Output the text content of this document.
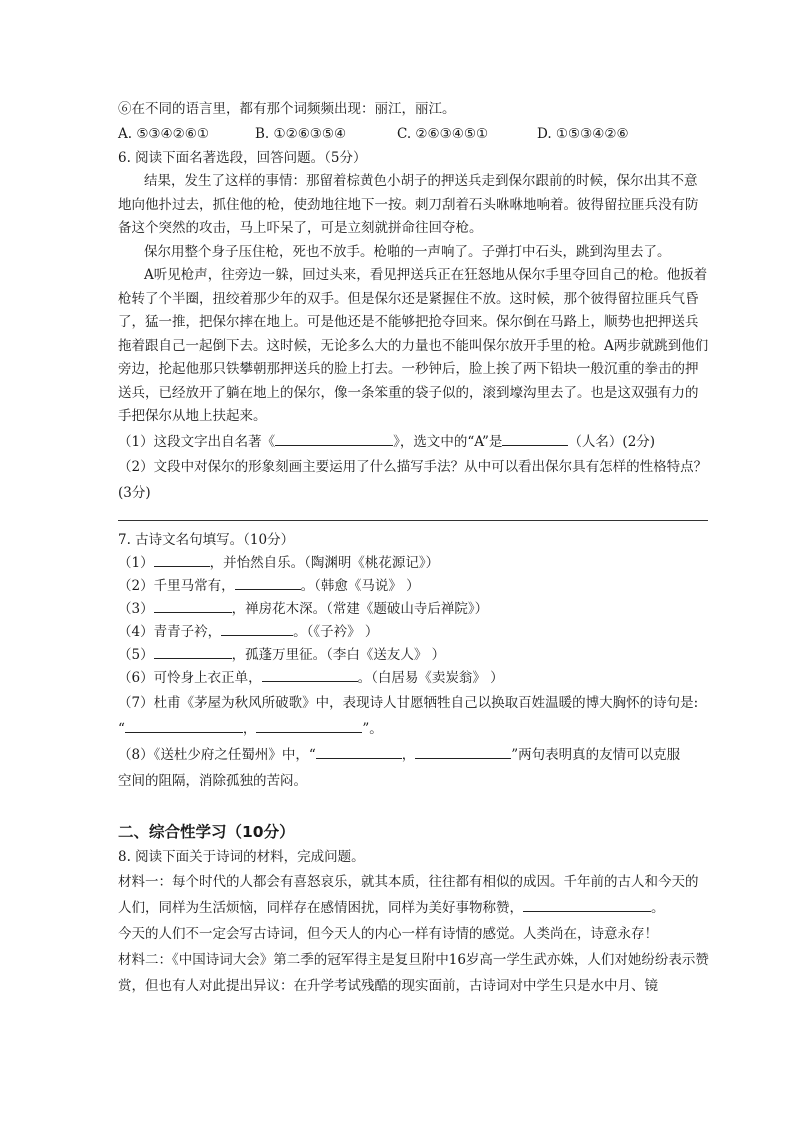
⑥在不同的语言里，都有那个词频频出现：丽江，丽江。
A. ⑤③④②⑥①	B. ①②⑥③⑤④	C. ②⑥③④⑤①	D. ①⑤③④②⑥
6. 阅读下面名著选段，回答问题。（5分）
结果，发生了这样的事情：那留着棕黄色小胡子的押送兵走到保尔跟前的时候，保尔出其不意地向他扑过去，抓住他的枪，使劲地往地下一按。刺刀刮着石头咻咻地响着。彼得留拉匪兵没有防备这个突然的攻击，马上吓呆了，可是立刻就拼命往回夺枪。
保尔用整个身子压住枪，死也不放手。枪啪的一声响了。子弹打中石头，跳到沟里去了。
A听见枪声，往旁边一躲，回过头来，看见押送兵正在狂怒地从保尔手里夺回自己的枪。他扳着枪转了个半圈，扭绞着那少年的双手。但是保尔还是紧握住不放。这时候，那个彼得留拉匪兵气昏了，猛一推，把保尔摔在地上。可是他还是不能够把抢夺回来。保尔倒在马路上，顺势也把押送兵拖着跟自己一起倒下去。这时候，无论多么大的力量也不能叫保尔放开手里的枪。A两步就跳到他们旁边，抡起他那只铁攀朝那押送兵的脸上打去。一秒钟后，脸上挨了两下铅块一般沉重的拳击的押送兵，已经放开了躺在地上的保尔，像一条笨重的袋子似的，滚到壕沟里去了。也是这双强有力的手把保尔从地上扶起来。
（1）这段文字出自名著《	》，选文中的“A”是	（人名）(2分)
（2）文段中对保尔的形象刻画主要运用了什么描写手法？从中可以看出保尔具有怎样的性格特点？(3分)
7. 古诗文名句填写。（10分）
（1）	，并怡然自乐。（陶渊明《桃花源记》）
（2）千里马常有，	。（韩愈《马说》 ）
（3）	，禅房花木深。（常建《题破山寺后禅院》）
（4）青青子衿，	。（《子衿》 ）
（5）	，孤蓬万里征。（李白《送友人》 ）
（6）可怜身上衣正单，	。（白居易《卖炭翁》 ）
（7）杜甫《茅屋为秋风所破歌》中，表现诗人甘愿牺牲自己以换取百姓温暖的博大胸怀的诗句是:
“	，	”。
（8）《送杜少府之任蜀州》中，“	，	”两句表明真的友情可以克服
空间的阻隔，消除孤独的苦闷。
二、综合性学习（10分）
8. 阅读下面关于诗词的材料，完成问题。
材料一：每个时代的人都会有喜怒哀乐，就其本质，往往都有相似的成因。千年前的古人和今天的人们，同样为生活烦恼，同样存在感情困扰，同样为美好事物称赞，	。
今天的人们不一定会写古诗词，但今天人的内心一样有诗情的感觉。人类尚在，诗意永存！
材料二：《中国诗词大会》第二季的冠军得主是复旦附中16岁高一学生武亦姝，人们对她纷纷表示赞赏，但也有人对此提出异议：在升学考试残酷的现实面前，古诗词对中学生只是水中月、镜
